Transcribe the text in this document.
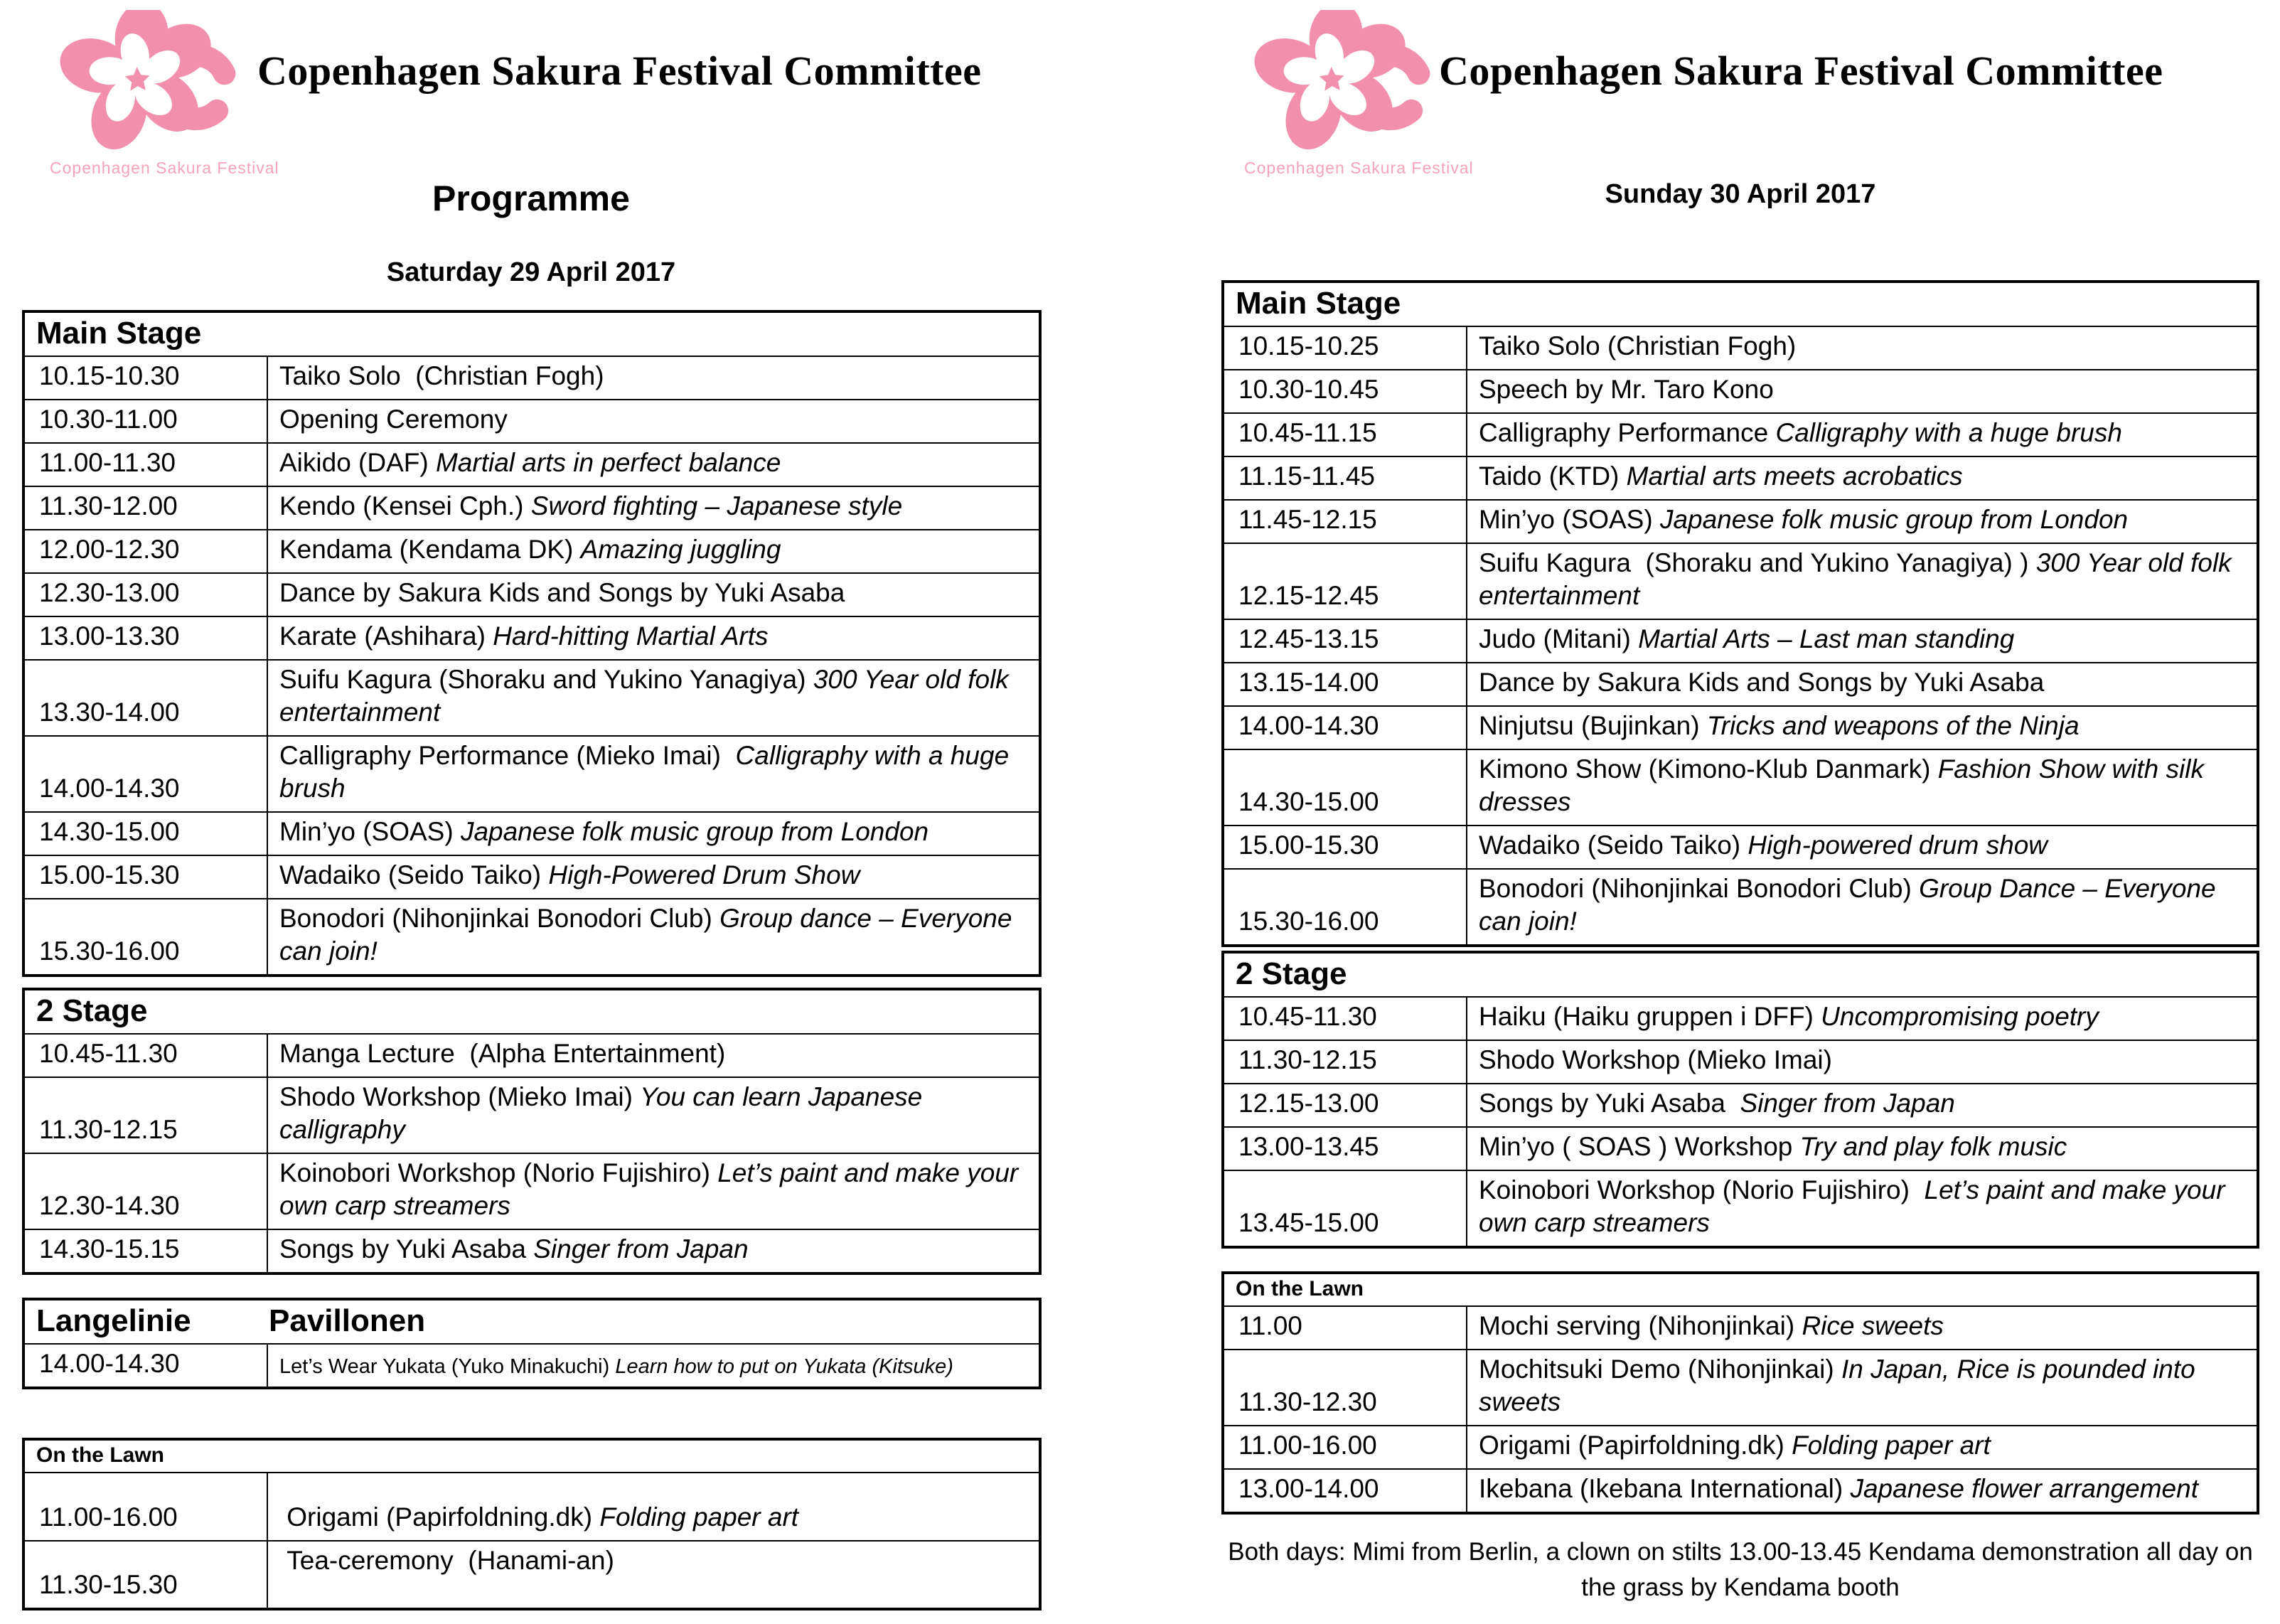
Copenhagen Sakura Festival
Copenhagen Sakura Festival Committee
Programme
Saturday 29 April 2017
Copenhagen Sakura Festival
Copenhagen Sakura Festival Committee
Sunday 30 April 2017
Both days: Mimi from Berlin, a clown on stilts 13.00-13.45 Kendama demonstration all day on
the grass by Kendama booth
Main Stage	
10.15-10.30	Taiko Solo  (Christian Fogh)
10.30-11.00	Opening Ceremony
11.00-11.30	Aikido (DAF) Martial arts in perfect balance
11.30-12.00	Kendo (Kensei Cph.) Sword fighting – Japanese style
12.00-12.30	Kendama (Kendama DK) Amazing juggling
12.30-13.00	Dance by Sakura Kids and Songs by Yuki Asaba
13.00-13.30	Karate (Ashihara) Hard-hitting Martial Arts
13.30-14.00	Suifu Kagura (Shoraku and Yukino Yanagiya) 300 Year old folk entertainment
14.00-14.30	Calligraphy Performance (Mieko Imai)  Calligraphy with a huge brush
14.30-15.00	Min’yo (SOAS) Japanese folk music group from London
15.00-15.30	Wadaiko (Seido Taiko) High-Powered Drum Show
15.30-16.00	Bonodori (Nihonjinkai Bonodori Club) Group dance – Everyone can join!
2 Stage	
10.45-11.30	Manga Lecture  (Alpha Entertainment)
11.30-12.15	Shodo Workshop (Mieko Imai) You can learn Japanese calligraphy
12.30-14.30	Koinobori Workshop (Norio Fujishiro) Let’s paint and make your own carp streamers
14.30-15.15	Songs by Yuki Asaba Singer from Japan
Langelinie Pavillonen
14.00-14.30	Let’s Wear Yukata (Yuko Minakuchi) Learn how to put on Yukata (Kitsuke)
On the Lawn	
11.00-16.00	Origami (Papirfoldning.dk) Folding paper art
11.30-15.30	Tea-ceremony  (Hanami-an)
Main Stage	
10.15-10.25	Taiko Solo (Christian Fogh)
10.30-10.45	Speech by Mr. Taro Kono
10.45-11.15	Calligraphy Performance Calligraphy with a huge brush
11.15-11.45	Taido (KTD) Martial arts meets acrobatics
11.45-12.15	Min’yo (SOAS) Japanese folk music group from London
12.15-12.45	Suifu Kagura  (Shoraku and Yukino Yanagiya) ) 300 Year old folk entertainment
12.45-13.15	Judo (Mitani) Martial Arts – Last man standing
13.15-14.00	Dance by Sakura Kids and Songs by Yuki Asaba
14.00-14.30	Ninjutsu (Bujinkan) Tricks and weapons of the Ninja
14.30-15.00	Kimono Show (Kimono-Klub Danmark) Fashion Show with silk dresses
15.00-15.30	Wadaiko (Seido Taiko) High-powered drum show
15.30-16.00	Bonodori (Nihonjinkai Bonodori Club) Group Dance – Everyone can join!
2 Stage	
10.45-11.30	Haiku (Haiku gruppen i DFF) Uncompromising poetry
11.30-12.15	Shodo Workshop (Mieko Imai)
12.15-13.00	Songs by Yuki Asaba  Singer from Japan
13.00-13.45	Min’yo ( SOAS ) Workshop Try and play folk music
13.45-15.00	Koinobori Workshop (Norio Fujishiro)  Let’s paint and make your own carp streamers
On the Lawn	
11.00	Mochi serving (Nihonjinkai) Rice sweets
11.30-12.30	Mochitsuki Demo (Nihonjinkai) In Japan, Rice is pounded into sweets
11.00-16.00	Origami (Papirfoldning.dk) Folding paper art
13.00-14.00	Ikebana (Ikebana International) Japanese flower arrangement
